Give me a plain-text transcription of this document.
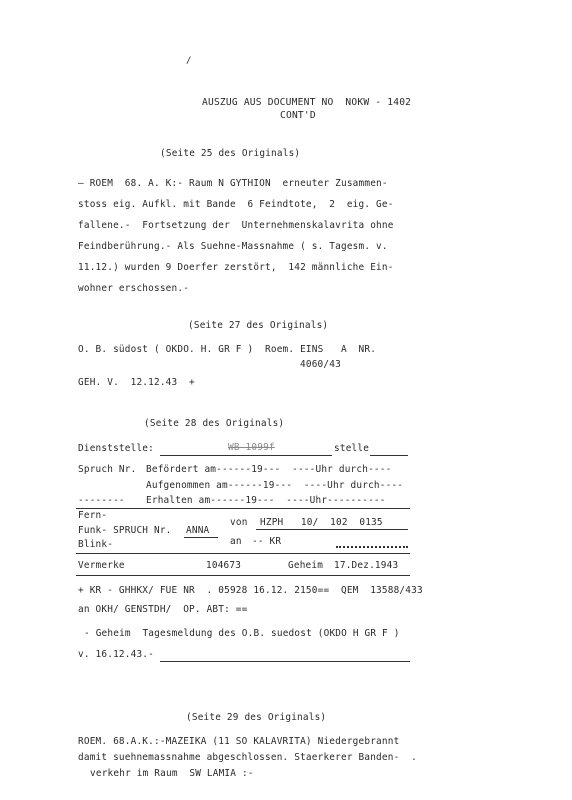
/
AUSZUG AUS DOCUMENT NO  NOKW - 1402
CONT'D
(Seite 25 des Originals)
— ROEM  68. A. K:- Raum N GYTHION  erneuter Zusammen-
stoss eig. Aufkl. mit Bande  6 Feindtote,  2  eig. Ge-
fallene.-  Fortsetzung der  Unternehmenskalavrita ohne
Feindberührung.- Als Suehne-Massnahme ( s. Tagesm. v.
11.12.) wurden 9 Doerfer zerstört,  142 männliche Ein-
wohner erschossen.-
(Seite 27 des Originals)
O. B. südost ( OKDO. H. GR F )  Roem. EINS   A  NR.
4060/43
GEH. V.  12.12.43  +
(Seite 28 des Originals)
Dienststelle:	WB 1099f	stelle
Spruch Nr. Befördert am------19---  ----Uhr durch----
Aufgenommen am------19---  ----Uhr durch----
-------- Erhalten am------19---  ----Uhr----------
Fern-
Funk- SPRUCH Nr. ANNA
Blink-
von HZPH   10/  102  0135
an -- KR
Vermerke	104673	Geheim 17.Dez.1943
+ KR - GHHKX/ FUE NR  . 05928 16.12. 2150==  QEM  13588/433
an OKH/ GENSTDH/  OP. ABT: ==
- Geheim  Tagesmeldung des O.B. suedost (OKDO H GR F )
v. 16.12.43.-
(Seite 29 des Originals)
ROEM. 68.A.K.:-MAZEIKA (11 SO KALAVRITA) Niedergebrannt
damit suehnemassnahme abgeschlossen. Staerkerer Banden-  .
verkehr im Raum  SW LAMIA :-
